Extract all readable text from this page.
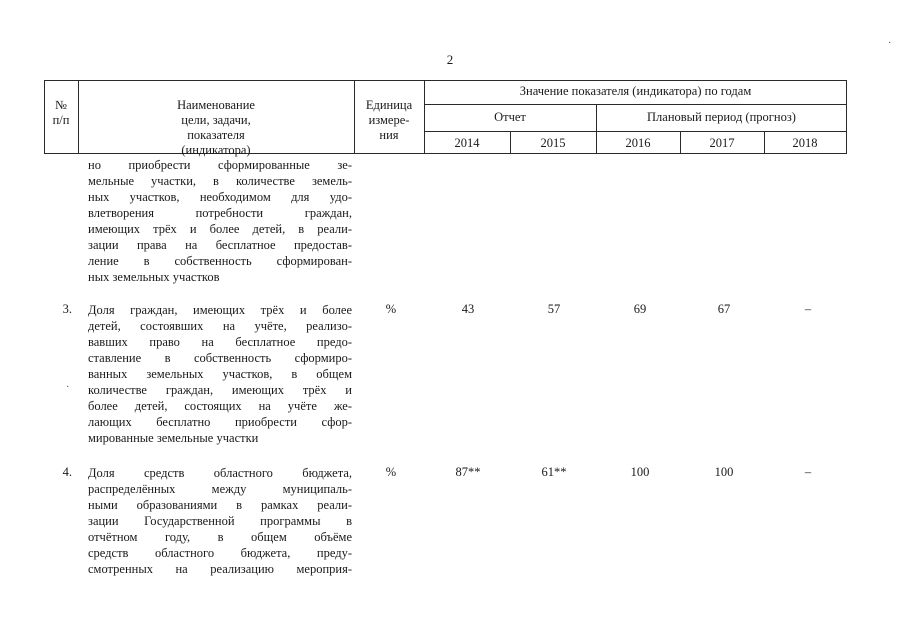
2
·
·

№
п/п

Наименование
цели, задачи,
показателя
(индикатора)

Единица
измере-
ния

Значение показателя (индикатора) по годам
Отчет	Плановый период (прогноз)
2014	2015	2016	2017	2018
но приобрести сформированные зе-
мельные участки, в количестве земель-
ных участков, необходимом для удо-
влетворения потребности граждан,
имеющих трёх и более детей, в реали-
зации права на бесплатное предостав-
ление в собственность сформирован-
ных земельных участков
3. Доля граждан, имеющих трёх и более
детей, состоявших на учёте, реализо-
вавших право на бесплатное предо-
ставление в собственность сформиро-
ванных земельных участков, в общем
количестве граждан, имеющих трёх и
более детей, состоящих на учёте же-
лающих бесплатно приобрести сфор-
мированные земельные участки
%	43	57	69	67	–
4. Доля средств областного бюджета,
распределённых между муниципаль-
ными образованиями в рамках реали-
зации Государственной программы в
отчётном году, в общем объёме
средств областного бюджета, преду-
смотренных на реализацию мероприя-
%	87**	61**	100	100	–
